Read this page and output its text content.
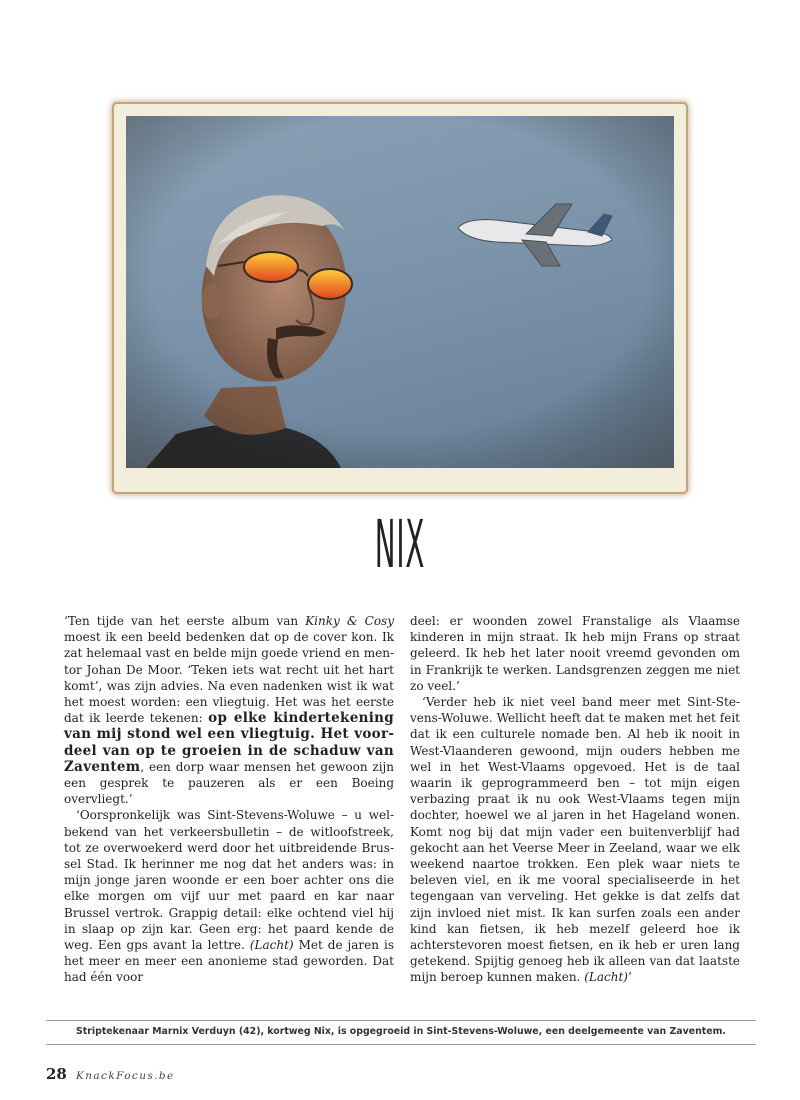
NIX

‘Ten tijde van het eerste album van Kinky & Cosy moest ik een beeld bedenken dat op de cover kon. Ik zat helemaal vast en belde mijn goede vriend en mentor Johan De Moor. ‘Teken iets wat recht uit het hart komt’, was zijn advies. Na even nadenken wist ik wat het moest worden: een vliegtuig. Het was het eerste dat ik leerde tekenen: op elke kindertekening van mij stond wel een vliegtuig. Het voordeel van op te groeien in de schaduw van Zaventem, een dorp waar mensen het gewoon zijn een gesprek te pauzeren als er een Boeing overvliegt.’

‘Oorspronkelijk was Sint-Stevens-Woluwe – u welbekend van het verkeersbulletin – de witloofstreek, tot ze overwoekerd werd door het uitbreidende Brussel Stad. Ik herinner me nog dat het anders was: in mijn jonge jaren woonde er een boer achter ons die elke morgen om vijf uur met paard en kar naar Brussel vertrok. Grappig detail: elke ochtend viel hij in slaap op zijn kar. Geen erg: het paard kende de weg. Een gps avant la lettre. (Lacht) Met de jaren is het meer en meer een anonieme stad geworden. Dat had één voor

deel: er woonden zowel Franstalige als Vlaamse kinderen in mijn straat. Ik heb mijn Frans op straat geleerd. Ik heb het later nooit vreemd gevonden om in Frankrijk te werken. Landsgrenzen zeggen me niet zo veel.’

‘Verder heb ik niet veel band meer met Sint-Stevens-Woluwe. Wellicht heeft dat te maken met het feit dat ik een culturele nomade ben. Al heb ik nooit in West-Vlaanderen gewoond, mijn ouders hebben me wel in het West-Vlaams opgevoed. Het is de taal waarin ik geprogrammeerd ben – tot mijn eigen verbazing praat ik nu ook West-Vlaams tegen mijn dochter, hoewel we al jaren in het Hageland wonen. Komt nog bij dat mijn vader een buitenverblijf had gekocht aan het Veerse Meer in Zeeland, waar we elk weekend naartoe trokken. Een plek waar niets te beleven viel, en ik me vooral specialiseerde in het tegengaan van verveling. Het gekke is dat zelfs dat zijn invloed niet mist. Ik kan surfen zoals een ander kind kan fietsen, ik heb mezelf geleerd hoe ik achterstevoren moest fietsen, en ik heb er uren lang getekend. Spijtig genoeg heb ik alleen van dat laatste mijn beroep kunnen maken. (Lacht)’

Striptekenaar Marnix Verduyn (42), kortweg Nix, is opgegroeid in Sint-Stevens-Woluwe, een deelgemeente van Zaventem.
28 KnackFocus.be
